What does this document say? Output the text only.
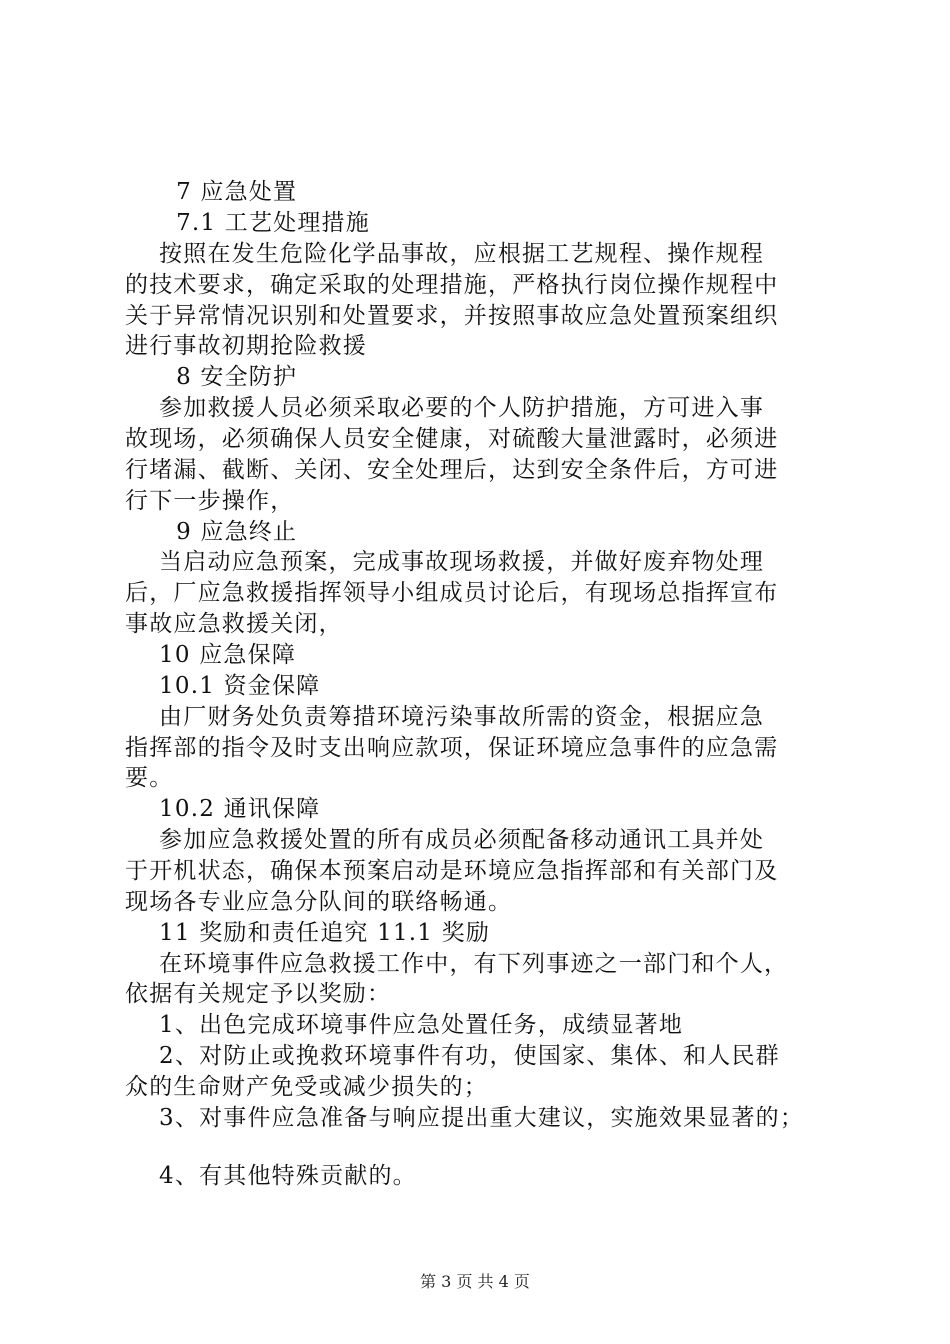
7 应急处置
7.1 工艺处理措施
按照在发生危险化学品事故，应根据工艺规程、操作规程
的技术要求，确定采取的处理措施，严格执行岗位操作规程中
关于异常情况识别和处置要求，并按照事故应急处置预案组织
进行事故初期抢险救援
8 安全防护
参加救援人员必须采取必要的个人防护措施，方可进入事
故现场，必须确保人员安全健康，对硫酸大量泄露时，必须进
行堵漏、截断、关闭、安全处理后，达到安全条件后，方可进
行下一步操作，
9 应急终止
当启动应急预案，完成事故现场救援，并做好废弃物处理
后，厂应急救援指挥领导小组成员讨论后，有现场总指挥宣布
事故应急救援关闭，
10 应急保障
10.1 资金保障
由厂财务处负责筹措环境污染事故所需的资金，根据应急
指挥部的指令及时支出响应款项，保证环境应急事件的应急需
要。
10.2 通讯保障
参加应急救援处置的所有成员必须配备移动通讯工具并处
于开机状态，确保本预案启动是环境应急指挥部和有关部门及
现场各专业应急分队间的联络畅通。
11 奖励和责任追究 11.1 奖励
在环境事件应急救援工作中，有下列事迹之一部门和个人，
依据有关规定予以奖励：
1、出色完成环境事件应急处置任务，成绩显著地
2、对防止或挽救环境事件有功，使国家、集体、和人民群
众的生命财产免受或减少损失的；
3、对事件应急准备与响应提出重大建议，实施效果显著的；
4、有其他特殊贡献的。
第 3 页 共 4 页
